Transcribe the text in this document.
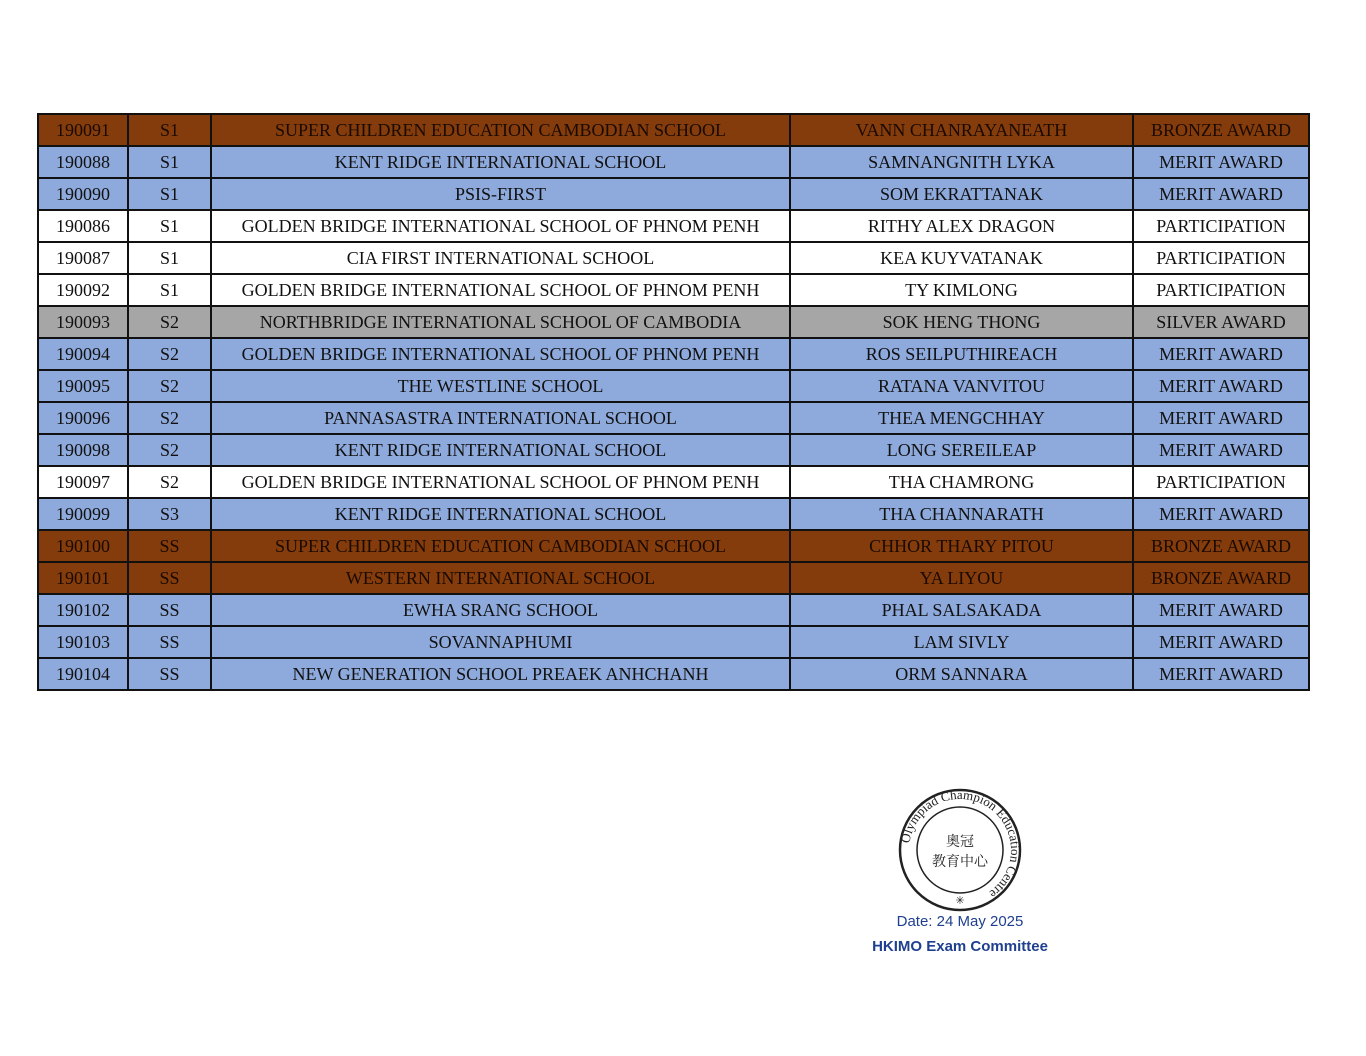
190091	S1	SUPER CHILDREN EDUCATION CAMBODIAN SCHOOL	VANN CHANRAYANEATH	BRONZE AWARD
190088	S1	KENT RIDGE INTERNATIONAL SCHOOL	SAMNANGNITH LYKA	MERIT AWARD
190090	S1	PSIS-FIRST	SOM EKRATTANAK	MERIT AWARD
190086	S1	GOLDEN BRIDGE INTERNATIONAL SCHOOL OF PHNOM PENH	RITHY ALEX DRAGON	PARTICIPATION
190087	S1	CIA FIRST INTERNATIONAL SCHOOL	KEA KUYVATANAK	PARTICIPATION
190092	S1	GOLDEN BRIDGE INTERNATIONAL SCHOOL OF PHNOM PENH	TY KIMLONG	PARTICIPATION
190093	S2	NORTHBRIDGE INTERNATIONAL SCHOOL OF CAMBODIA	SOK HENG THONG	SILVER AWARD
190094	S2	GOLDEN BRIDGE INTERNATIONAL SCHOOL OF PHNOM PENH	ROS SEILPUTHIREACH	MERIT AWARD
190095	S2	THE WESTLINE SCHOOL	RATANA VANVITOU	MERIT AWARD
190096	S2	PANNASASTRA INTERNATIONAL SCHOOL	THEA MENGCHHAY	MERIT AWARD
190098	S2	KENT RIDGE INTERNATIONAL SCHOOL	LONG SEREILEAP	MERIT AWARD
190097	S2	GOLDEN BRIDGE INTERNATIONAL SCHOOL OF PHNOM PENH	THA CHAMRONG	PARTICIPATION
190099	S3	KENT RIDGE INTERNATIONAL SCHOOL	THA CHANNARATH	MERIT AWARD
190100	SS	SUPER CHILDREN EDUCATION CAMBODIAN SCHOOL	CHHOR THARY PITOU	BRONZE AWARD
190101	SS	WESTERN INTERNATIONAL SCHOOL	YA LIYOU	BRONZE AWARD
190102	SS	EWHA SRANG SCHOOL	PHAL SALSAKADA	MERIT AWARD
190103	SS	SOVANNAPHUMI	LAM SIVLY	MERIT AWARD
190104	SS	NEW GENERATION SCHOOL PREAEK ANHCHANH	ORM SANNARA	MERIT AWARD
Olympiad Champion Education Centre
奧冠
教育中心
✳
Date: 24 May 2025
HKIMO Exam Committee
